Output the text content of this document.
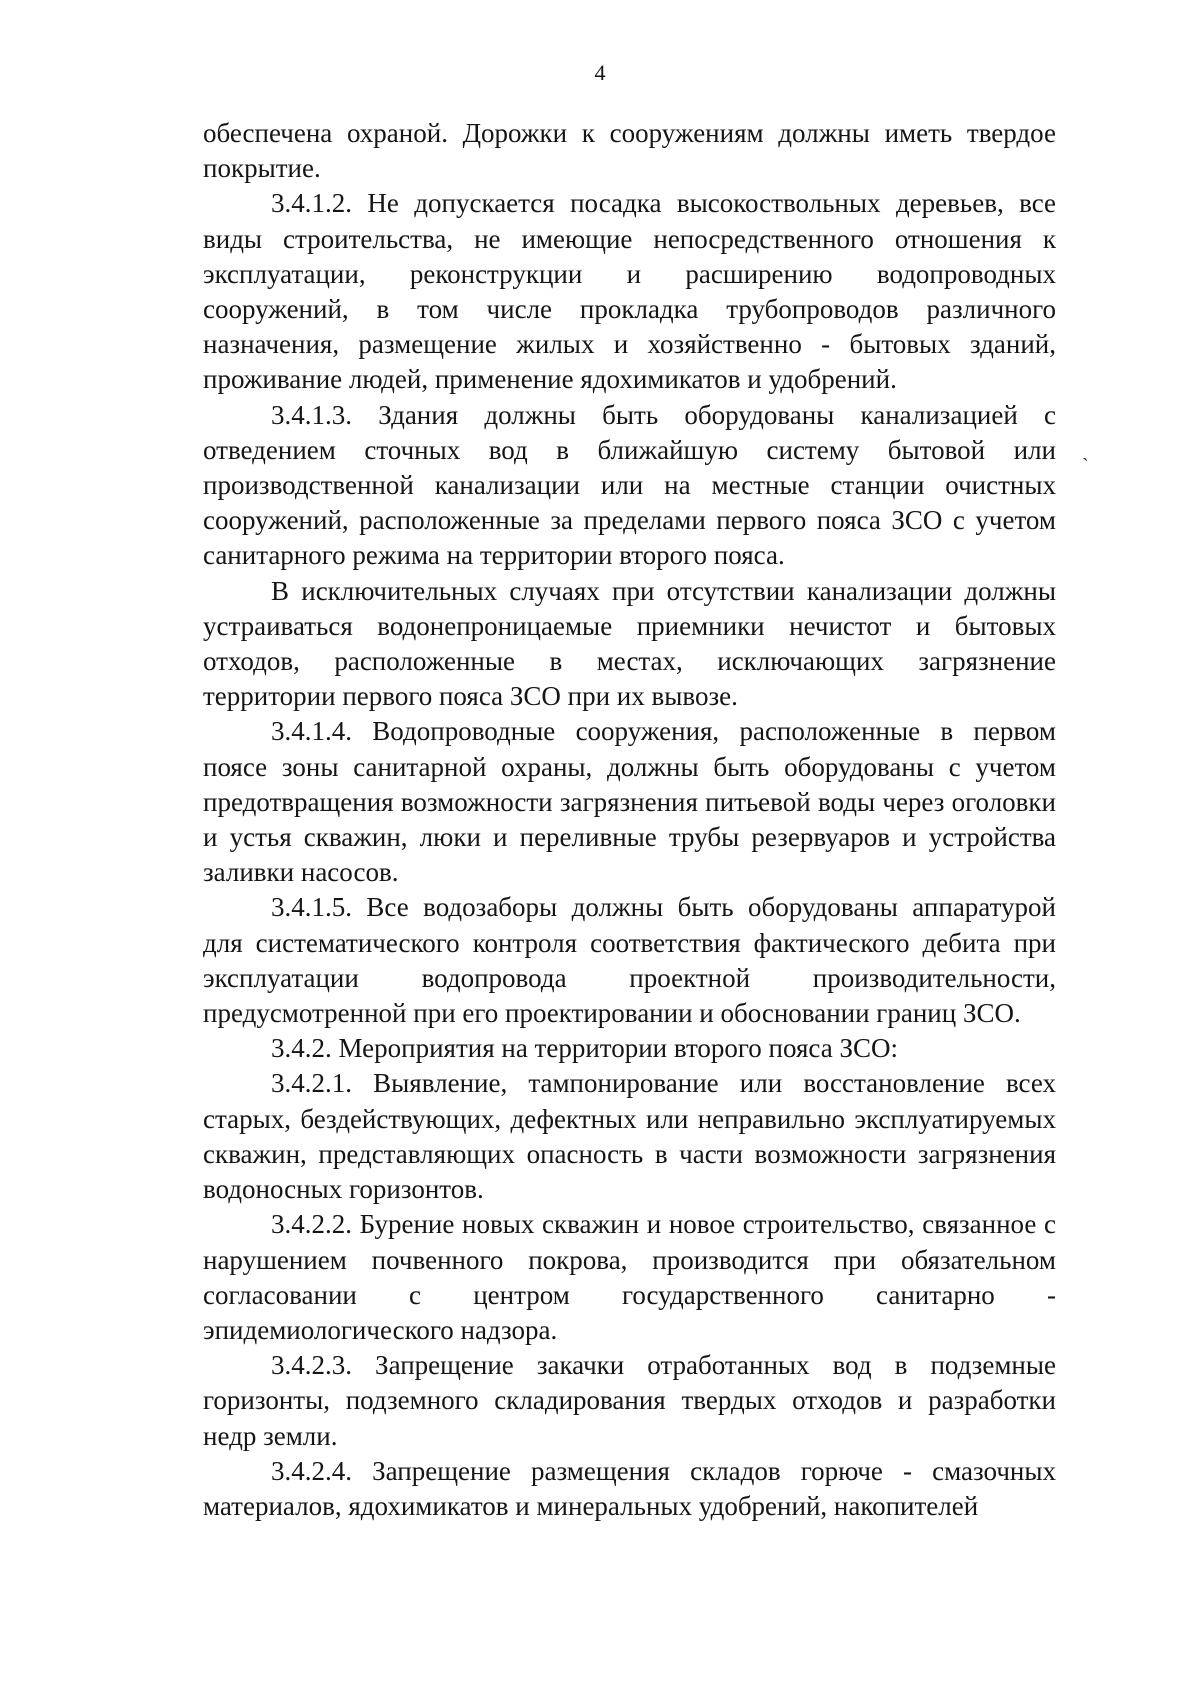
4
`

обеспечена охраной. Дорожки к сооружениям должны иметь твердое покрытие.

3.4.1.2. Не допускается посадка высокоствольных деревьев, все виды строительства, не имеющие непосредственного отношения к эксплуатации, реконструкции и расширению водопроводных сооружений, в том числе прокладка трубопроводов различного назначения, размещение жилых и хозяйственно - бытовых зданий, проживание людей, применение ядохимикатов и удобрений.

3.4.1.3. Здания должны быть оборудованы канализацией с отведением сточных вод в ближайшую систему бытовой или производственной канализации или на местные станции очистных сооружений, расположенные за пределами первого пояса ЗСО с учетом санитарного режима на территории второго пояса.

В исключительных случаях при отсутствии канализации должны устраиваться водонепроницаемые приемники нечистот и бытовых отходов, расположенные в местах, исключающих загрязнение территории первого пояса ЗСО при их вывозе.

3.4.1.4. Водопроводные сооружения, расположенные в первом поясе зоны санитарной охраны, должны быть оборудованы с учетом предотвращения возможности загрязнения питьевой воды через оголовки и устья скважин, люки и переливные трубы резервуаров и устройства заливки насосов.

3.4.1.5. Все водозаборы должны быть оборудованы аппаратурой для систематического контроля соответствия фактического дебита при эксплуатации водопровода проектной производительности, предусмотренной при его проектировании и обосновании границ ЗСО.

3.4.2. Мероприятия на территории второго пояса ЗСО:

3.4.2.1. Выявление, тампонирование или восстановление всех старых, бездействующих, дефектных или неправильно эксплуатируемых скважин, представляющих опасность в части возможности загрязнения водоносных горизонтов.

3.4.2.2. Бурение новых скважин и новое строительство, связанное с нарушением почвенного покрова, производится при обязательном согласовании с центром государственного санитарно - эпидемиологического надзора.

3.4.2.3. Запрещение закачки отработанных вод в подземные горизонты, подземного складирования твердых отходов и разработки недр земли.

3.4.2.4. Запрещение размещения складов горюче - смазочных материалов, ядохимикатов и минеральных удобрений, накопителей
